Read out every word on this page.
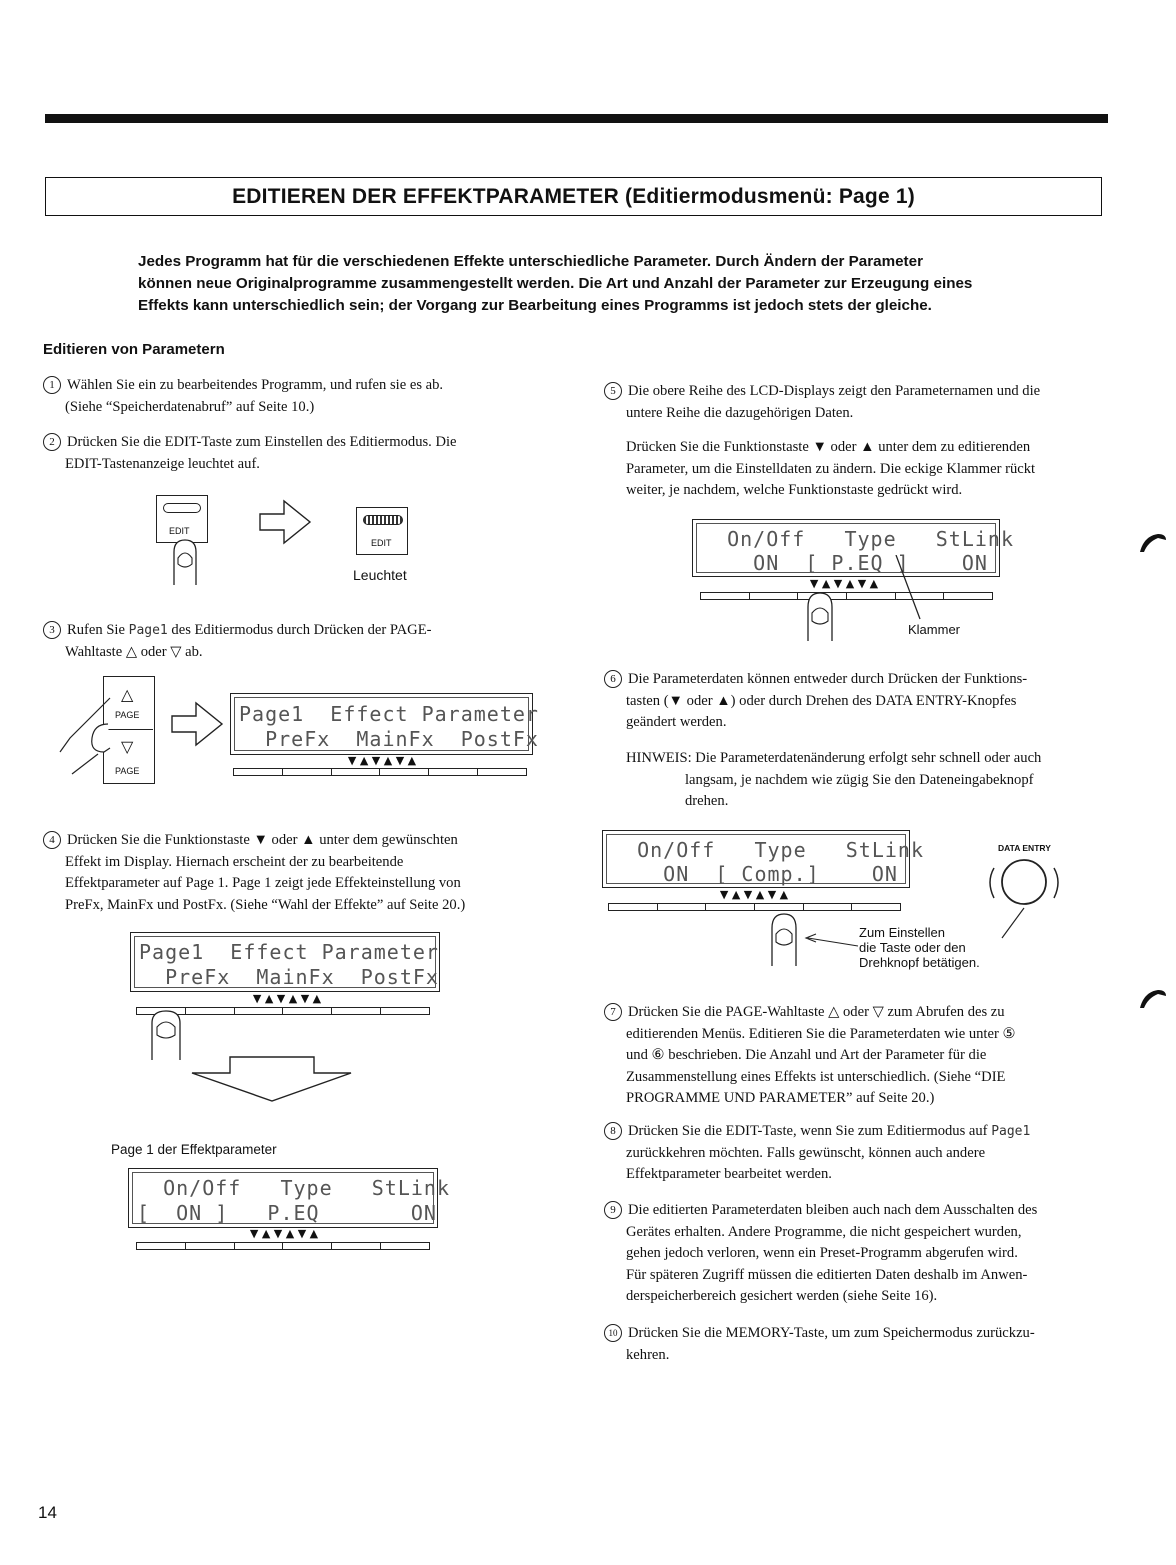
EDITIEREN DER EFFEKTPARAMETER (Editiermodusmenü: Page 1)
Jedes Programm hat für die verschiedenen Effekte unterschiedliche Parameter. Durch Ändern der Parameter
können neue Originalprogramme zusammengestellt werden. Die Art und Anzahl der Parameter zur Erzeugung eines
Effekts kann unterschiedlich sein; der Vorgang zur Bearbeitung eines Programms ist jedoch stets der gleiche.
Editieren von Parametern
1 Wählen Sie ein zu bearbeitendes Programm, und rufen sie es ab.
(Siehe “Speicherdatenabruf” auf Seite 10.)
2 Drücken Sie die EDIT-Taste zum Einstellen des Editiermodus. Die
EDIT-Tastenanzeige leuchtet auf.
EDIT
EDIT
Leuchtet
3 Rufen Sie Page1 des Editiermodus durch Drücken der PAGE-
Wahltaste △ oder ▽ ab.
△
PAGE
▽
PAGE
Page1  Effect Parameter
PreFx  MainFx  PostFx
▼ ▲ ▼ ▲ ▼ ▲
4 Drücken Sie die Funktionstaste ▼ oder ▲ unter dem gewünschten
Effekt im Display. Hiernach erscheint der zu bearbeitende
Effektparameter auf Page 1. Page 1 zeigt jede Effekteinstellung von
PreFx, MainFx und PostFx. (Siehe “Wahl der Effekte” auf Seite 20.)
Page1  Effect Parameter
PreFx  MainFx  PostFx
▼ ▲ ▼ ▲ ▼ ▲
Page 1 der Effektparameter
On/Off   Type   StLink
[  ON ]   P.EQ       ON
▼ ▲ ▼ ▲ ▼ ▲
5 Die obere Reihe des LCD-Displays zeigt den Parameternamen und die
untere Reihe die dazugehörigen Daten.
Drücken Sie die Funktionstaste ▼ oder ▲ unter dem zu editierenden
Parameter, um die Einstelldaten zu ändern. Die eckige Klammer rückt
weiter, je nachdem, welche Funktionstaste gedrückt wird.
On/Off   Type   StLink
ON  [ P.EQ ]    ON
▼ ▲ ▼ ▲ ▼ ▲
Klammer
6 Die Parameterdaten können entweder durch Drücken der Funktions-
tasten (▼ oder ▲) oder durch Drehen des DATA ENTRY-Knopfes
geändert werden.
HINWEIS: Die Parameterdatenänderung erfolgt sehr schnell oder auch
langsam, je nachdem wie zügig Sie den Dateneingabeknopf
drehen.
On/Off   Type   StLink
ON  [ Comp.]    ON
▼ ▲ ▼ ▲ ▼ ▲
DATA ENTRY
Zum Einstellen
die Taste oder den
Drehknopf betätigen.
7 Drücken Sie die PAGE-Wahltaste △ oder ▽ zum Abrufen des zu
editierenden Menüs. Editieren Sie die Parameterdaten wie unter ⑤
und ⑥ beschrieben. Die Anzahl und Art der Parameter für die
Zusammenstellung eines Effekts ist unterschiedlich. (Siehe “DIE
PROGRAMME UND PARAMETER” auf Seite 20.)
8 Drücken Sie die EDIT-Taste, wenn Sie zum Editiermodus auf Page1
zurückkehren möchten. Falls gewünscht, können auch andere
Effektparameter bearbeitet werden.
9 Die editierten Parameterdaten bleiben auch nach dem Ausschalten des
Gerätes erhalten. Andere Programme, die nicht gespeichert wurden,
gehen jedoch verloren, wenn ein Preset-Programm abgerufen wird.
Für späteren Zugriff müssen die editierten Daten deshalb im Anwen-
derspeicherbereich gesichert werden (siehe Seite 16).
10 Drücken Sie die MEMORY-Taste, um zum Speichermodus zurückzu-
kehren.
14
